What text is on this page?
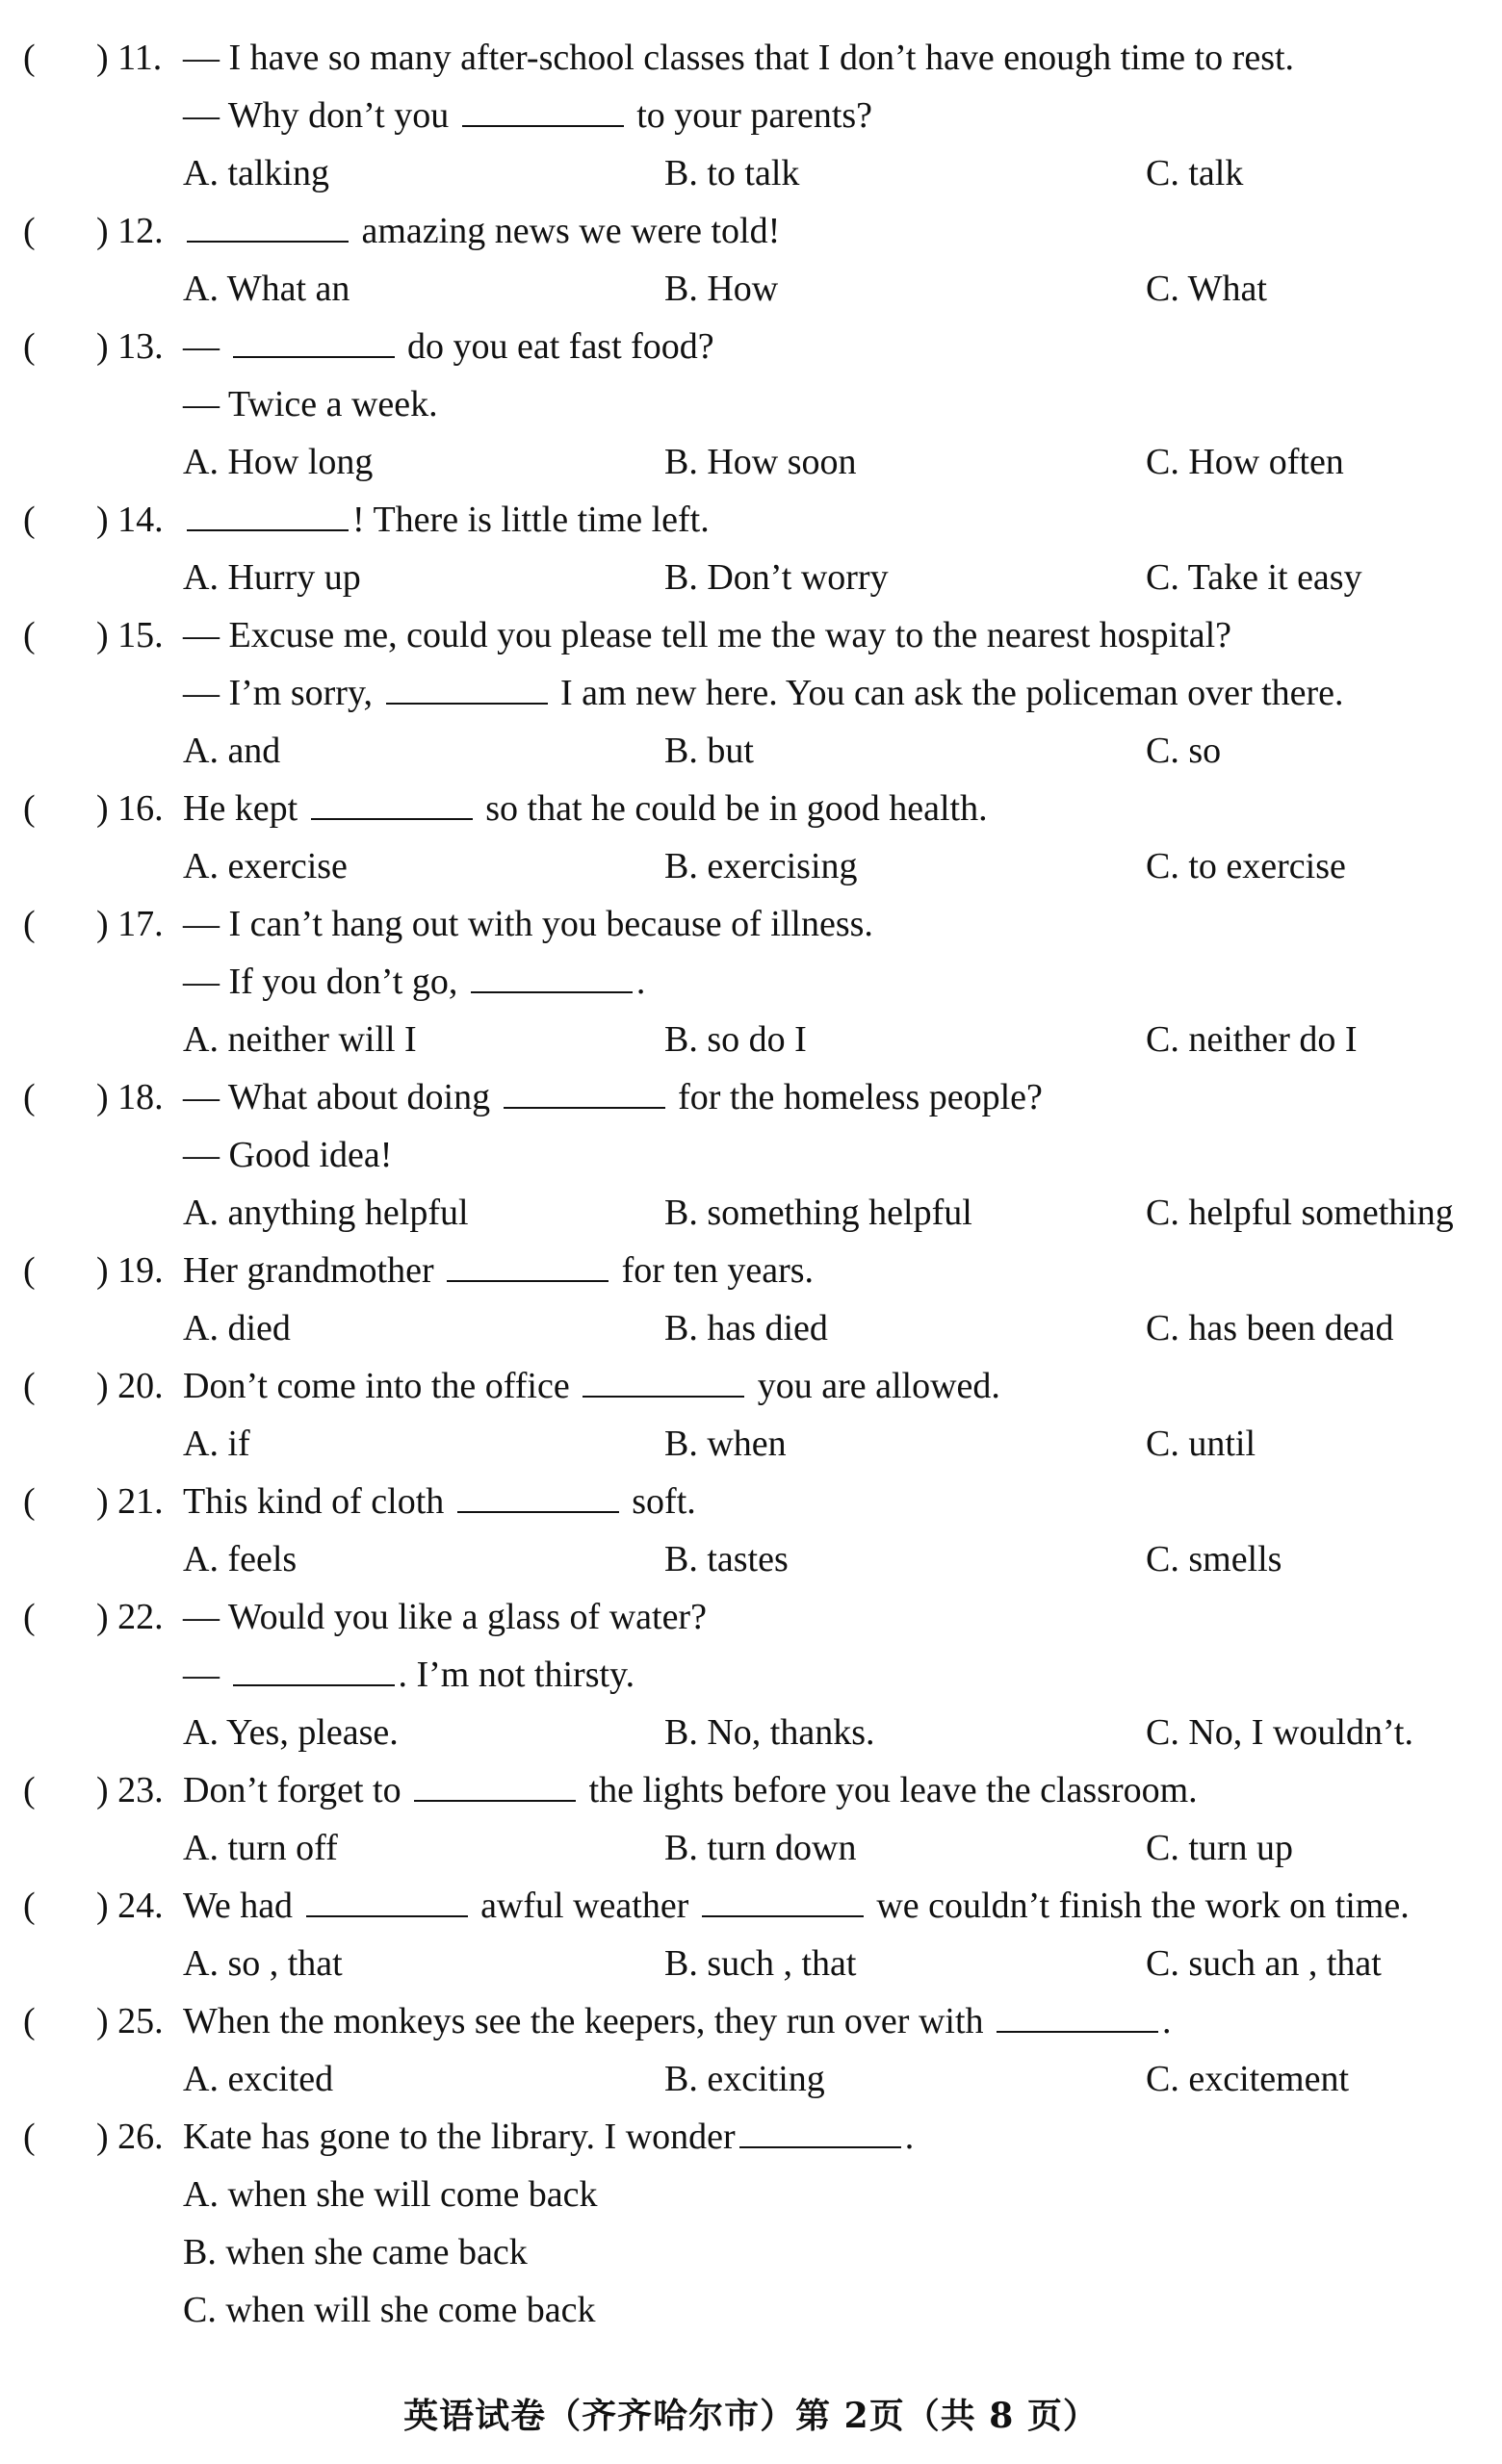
( ) 11. — I have so many after-school classes that I don’t have enough time to rest.
— Why don’t you	to your parents?
A. talking	B. to talk	C. talk
( ) 12.	amazing news we were told!
A. What an	B. How	C. What
( ) 13. —	do you eat fast food?
— Twice a week.
A. How long	B. How soon	C. How often
( ) 14.	! There is little time left.
A. Hurry up	B. Don’t worry	C. Take it easy
( ) 15. — Excuse me, could you please tell me the way to the nearest hospital?
— I’m sorry,	I am new here. You can ask the policeman over there.
A. and	B. but	C. so
( ) 16. He kept	so that he could be in good health.
A. exercise	B. exercising	C. to exercise
( ) 17. — I can’t hang out with you because of illness.
— If you don’t go,	.
A. neither will I	B. so do I	C. neither do I
( ) 18. — What about doing	for the homeless people?
— Good idea!
A. anything helpful	B. something helpful	C. helpful something
( ) 19. Her grandmother	for ten years.
A. died	B. has died	C. has been dead
( ) 20. Don’t come into the office	you are allowed.
A. if	B. when	C. until
( ) 21. This kind of cloth	soft.
A. feels	B. tastes	C. smells
( ) 22. — Would you like a glass of water?
—	. I’m not thirsty.
A. Yes, please.	B. No, thanks.	C. No, I wouldn’t.
( ) 23. Don’t forget to	the lights before you leave the classroom.
A. turn off	B. turn down	C. turn up
( ) 24. We had	awful weather	we couldn’t finish the work on time.
A. so , that	B. such , that	C. such an , that
( ) 25. When the monkeys see the keepers, they run over with	.
A. excited	B. exciting	C. excitement
( ) 26. Kate has gone to the library. I wonder	.
A. when she will come back
B. when she came back
C. when will she come back
英语试卷（齐齐哈尔市）第 2页（共 8 页）
